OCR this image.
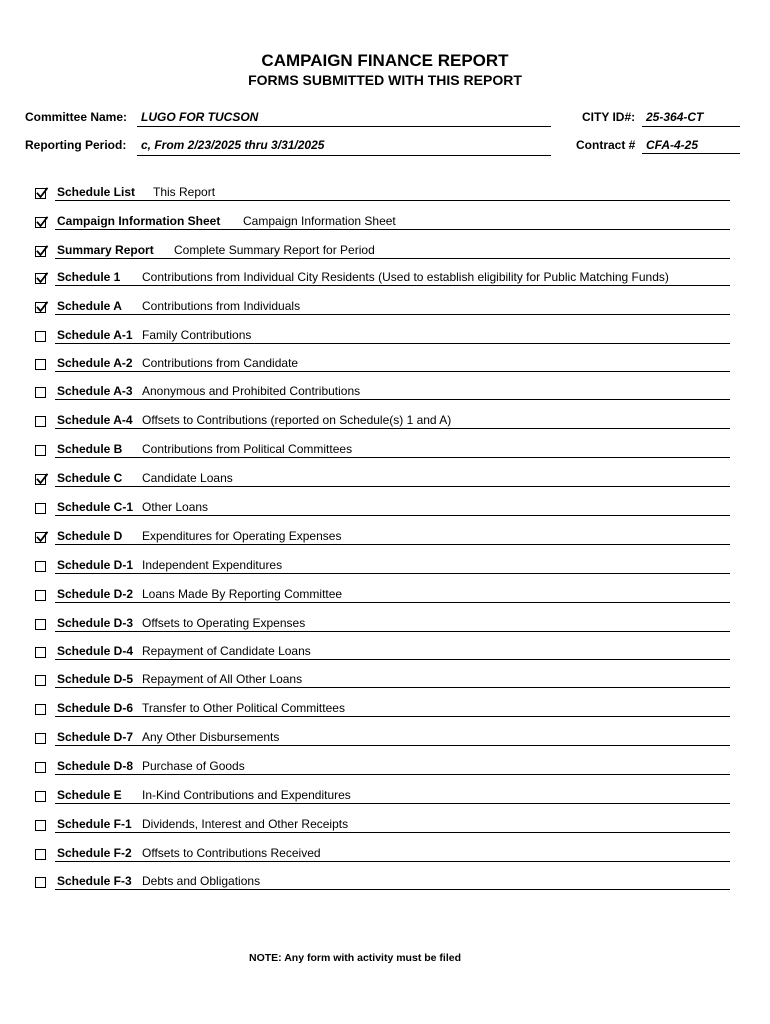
CAMPAIGN FINANCE REPORT
FORMS SUBMITTED WITH THIS REPORT
Committee Name: LUGO FOR TUCSON	CITY ID#: 25-364-CT
Reporting Period: c, From 2/23/2025 thru 3/31/2025	Contract # CFA-4-25
Schedule List This Report
Campaign Information Sheet Campaign Information Sheet
Summary Report Complete Summary Report for Period
Schedule 1 Contributions from Individual City Residents (Used to establish eligibility for Public Matching Funds)
Schedule A Contributions from Individuals
Schedule A-1 Family Contributions
Schedule A-2 Contributions from Candidate
Schedule A-3 Anonymous and Prohibited Contributions
Schedule A-4 Offsets to Contributions (reported on Schedule(s) 1 and A)
Schedule B Contributions from Political Committees
Schedule C Candidate Loans
Schedule C-1 Other Loans
Schedule D Expenditures for Operating Expenses
Schedule D-1 Independent Expenditures
Schedule D-2 Loans Made By Reporting Committee
Schedule D-3 Offsets to Operating Expenses
Schedule D-4 Repayment of Candidate Loans
Schedule D-5 Repayment of All Other Loans
Schedule D-6 Transfer to Other Political Committees
Schedule D-7 Any Other Disbursements
Schedule D-8 Purchase of Goods
Schedule E In-Kind Contributions and Expenditures
Schedule F-1 Dividends, Interest and Other Receipts
Schedule F-2 Offsets to Contributions Received
Schedule F-3 Debts and Obligations
NOTE: Any form with activity must be filed
